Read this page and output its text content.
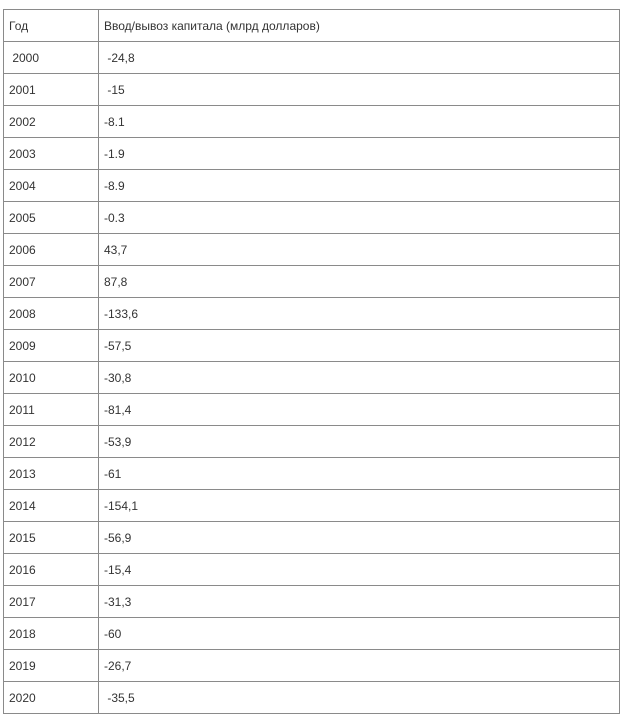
Год	Ввод/вывоз капитала (млрд долларов)
2000	-24,8
2001	-15
2002	-8.1
2003	-1.9
2004	-8.9
2005	-0.3
2006	43,7
2007	87,8
2008	-133,6
2009	-57,5
2010	-30,8
2011	-81,4
2012	-53,9
2013	-61
2014	-154,1
2015	-56,9
2016	-15,4
2017	-31,3
2018	-60
2019	-26,7
2020	-35,5
